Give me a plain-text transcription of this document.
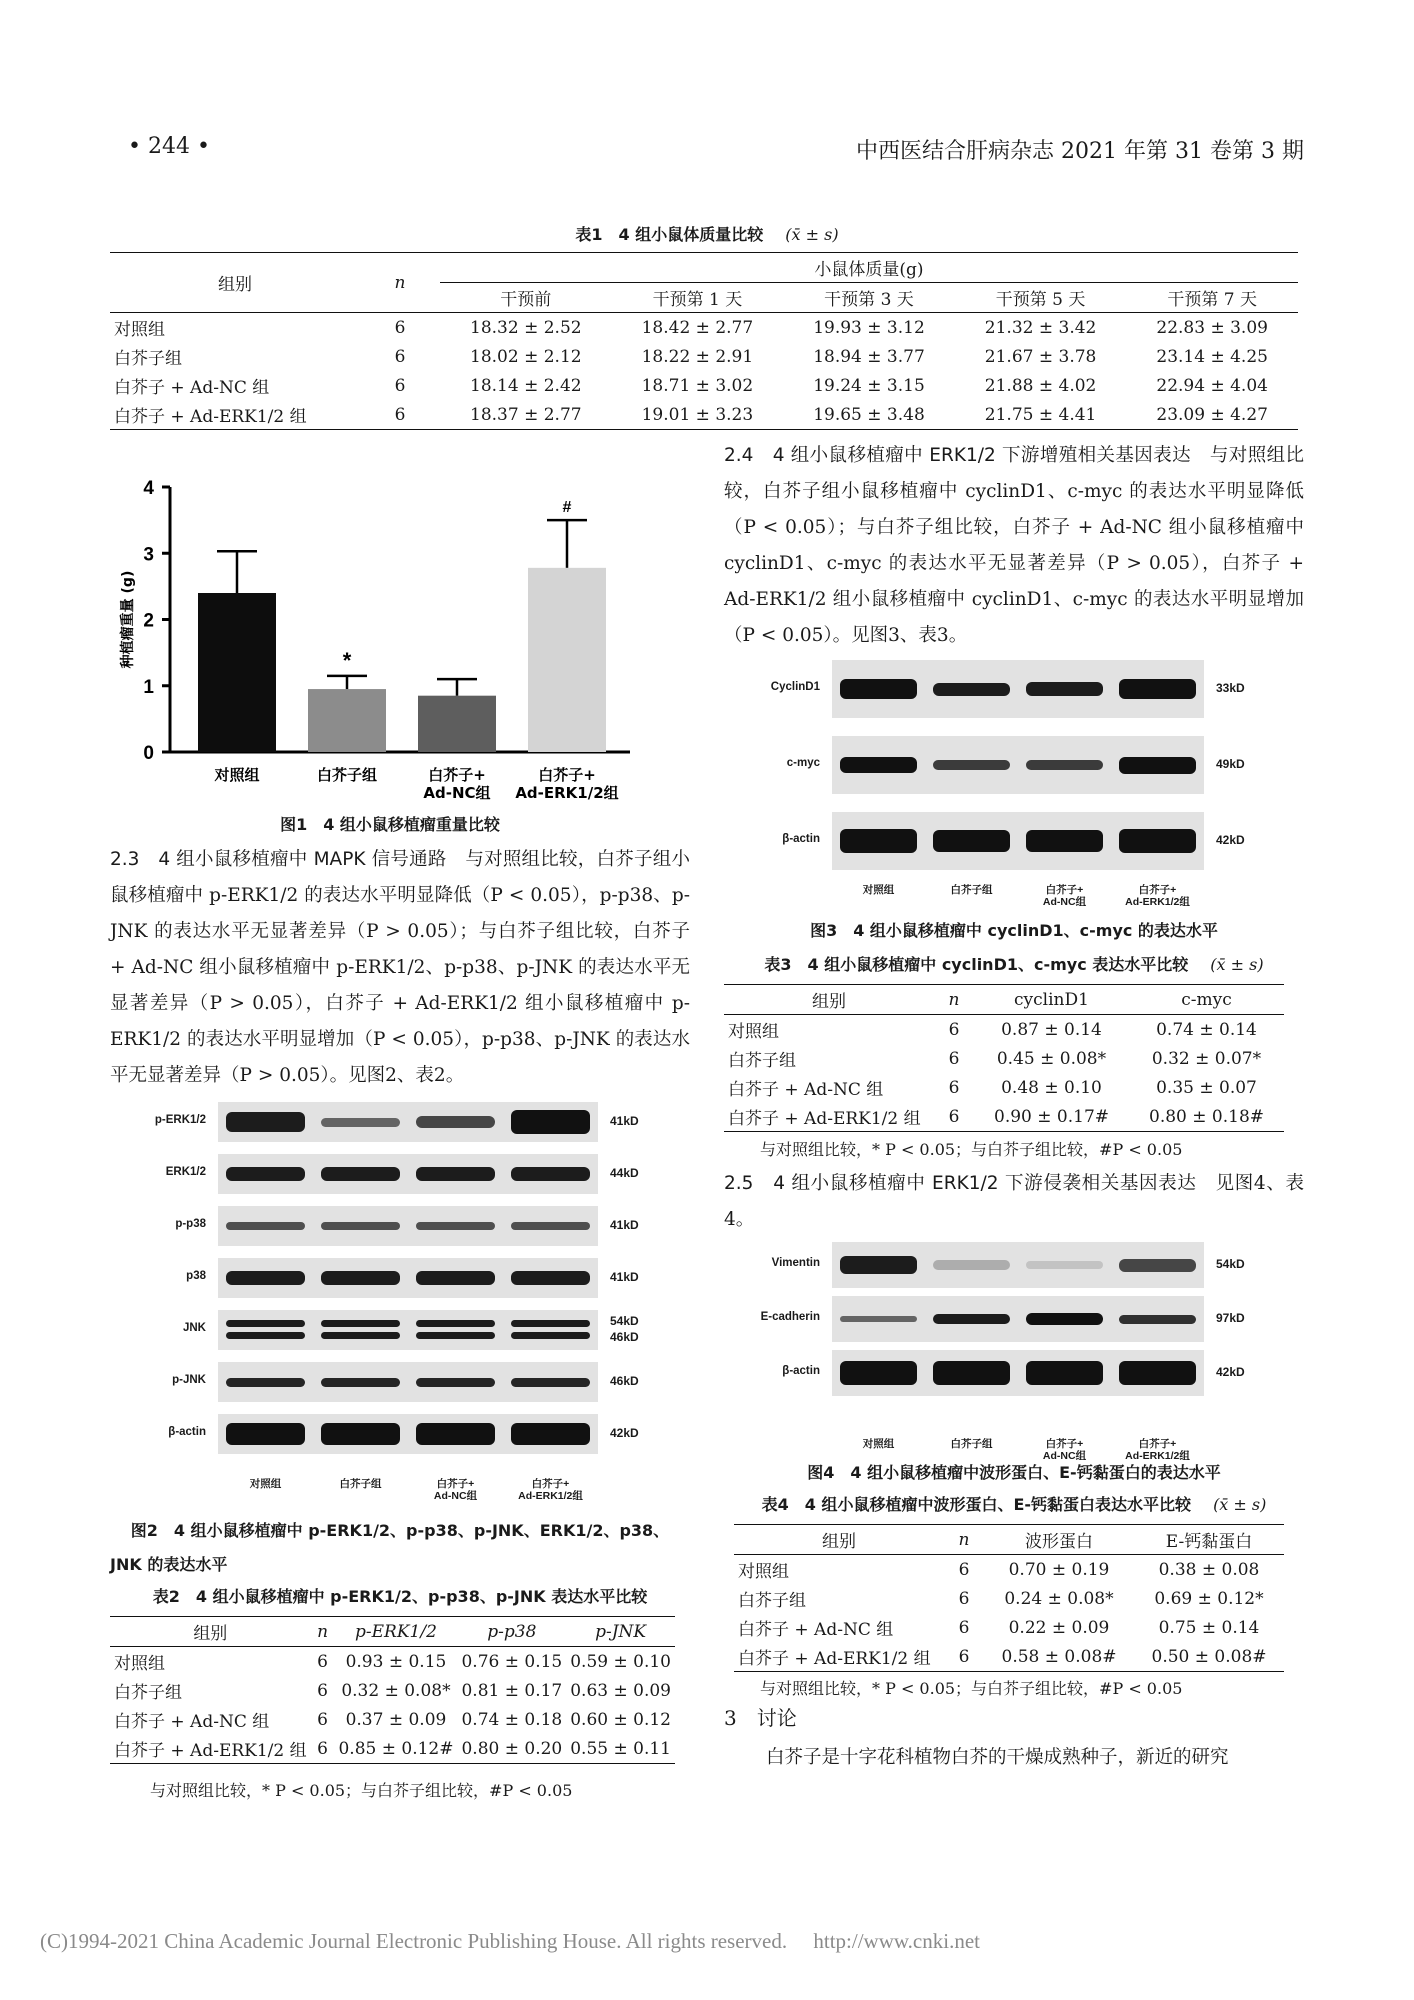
• 244 •	中西医结合肝病杂志 2021 年第 31 卷第 3 期
表1　4 组小鼠体质量比较 (x̄ ± s)
组别	n	小鼠体质量(g)				
		干预前	干预第 1 天	干预第 3 天	干预第 5 天	干预第 7 天
对照组	6	18.32 ± 2.52	18.42 ± 2.77	19.93 ± 3.12	21.32 ± 3.42	22.83 ± 3.09
白芥子组	6	18.02 ± 2.12	18.22 ± 2.91	18.94 ± 3.77	21.67 ± 3.78	23.14 ± 4.25
白芥子 + Ad-NC 组	6	18.14 ± 2.42	18.71 ± 3.02	19.24 ± 3.15	21.88 ± 4.02	22.94 ± 4.04
白芥子 + Ad-ERK1/2 组	6	18.37 ± 2.77	19.01 ± 3.23	19.65 ± 3.48	21.75 ± 4.41	23.09 ± 4.27
0
1
2
3
4
种植瘤重量 (g)
对照组
*
白芥子组	白芥子+
Ad-NC组
#
白芥子+
Ad-ERK1/2组
图1　4 组小鼠移植瘤重量比较
2.3　4 组小鼠移植瘤中 MAPK 信号通路　与对照组比较，白芥子组小鼠移植瘤中 p-ERK1/2 的表达水平明显降低（P < 0.05），p-p38、p-JNK 的表达水平无显著差异（P > 0.05）；与白芥子组比较，白芥子 + Ad-NC 组小鼠移植瘤中 p-ERK1/2、p-p38、p-JNK 的表达水平无显著差异（P > 0.05），白芥子 + Ad-ERK1/2 组小鼠移植瘤中 p-ERK1/2 的表达水平明显增加（P < 0.05），p-p38、p-JNK 的表达水平无显著差异（P > 0.05）。见图2、表2。
p-ERK1/2	41kD
ERK1/2	44kD
p-p38	41kD
p38	41kD
JNK	54kD
46kD
p-JNK	46kD
β-actin	42kD
对照组	白芥子组	白芥子+
Ad-NC组
白芥子+
Ad-ERK1/2组
图2　4 组小鼠移植瘤中 p-ERK1/2、p-p38、p-JNK、ERK1/2、p38、
JNK 的表达水平
表2　4 组小鼠移植瘤中 p-ERK1/2、p-p38、p-JNK 表达水平比较
组别	n	p-ERK1/2	p-p38	p-JNK
对照组	6	0.93 ± 0.15	0.76 ± 0.15	0.59 ± 0.10
白芥子组	6	0.32 ± 0.08*	0.81 ± 0.17	0.63 ± 0.09
白芥子 + Ad-NC 组	6	0.37 ± 0.09	0.74 ± 0.18	0.60 ± 0.12
白芥子 + Ad-ERK1/2 组	6	0.85 ± 0.12#	0.80 ± 0.20	0.55 ± 0.11
与对照组比较，* P < 0.05；与白芥子组比较，#P < 0.05
2.4　4 组小鼠移植瘤中 ERK1/2 下游增殖相关基因表达　与对照组比较，白芥子组小鼠移植瘤中 cyclinD1、c-myc 的表达水平明显降低（P < 0.05）；与白芥子组比较，白芥子 + Ad-NC 组小鼠移植瘤中 cyclinD1、c-myc 的表达水平无显著差异（P > 0.05），白芥子 + Ad-ERK1/2 组小鼠移植瘤中 cyclinD1、c-myc 的表达水平明显增加（P < 0.05）。见图3、表3。
CyclinD1	33kD
c-myc	49kD
β-actin	42kD
对照组	白芥子组	白芥子+
Ad-NC组
白芥子+
Ad-ERK1/2组
图3　4 组小鼠移植瘤中 cyclinD1、c-myc 的表达水平
表3　4 组小鼠移植瘤中 cyclinD1、c-myc 表达水平比较 (x̄ ± s)
组别	n	cyclinD1	c-myc
对照组	6	0.87 ± 0.14	0.74 ± 0.14
白芥子组	6	0.45 ± 0.08*	0.32 ± 0.07*
白芥子 + Ad-NC 组	6	0.48 ± 0.10	0.35 ± 0.07
白芥子 + Ad-ERK1/2 组	6	0.90 ± 0.17#	0.80 ± 0.18#
与对照组比较，* P < 0.05；与白芥子组比较，#P < 0.05
2.5　4 组小鼠移植瘤中 ERK1/2 下游侵袭相关基因表达　见图4、表4。
Vimentin	54kD
E-cadherin	97kD
β-actin	42kD
对照组	白芥子组	白芥子+
Ad-NC组
白芥子+
Ad-ERK1/2组
图4　4 组小鼠移植瘤中波形蛋白、E-钙黏蛋白的表达水平
表4　4 组小鼠移植瘤中波形蛋白、E-钙黏蛋白表达水平比较 (x̄ ± s)
组别	n	波形蛋白	E-钙黏蛋白
对照组	6	0.70 ± 0.19	0.38 ± 0.08
白芥子组	6	0.24 ± 0.08*	0.69 ± 0.12*
白芥子 + Ad-NC 组	6	0.22 ± 0.09	0.75 ± 0.14
白芥子 + Ad-ERK1/2 组	6	0.58 ± 0.08#	0.50 ± 0.08#
与对照组比较，* P < 0.05；与白芥子组比较，#P < 0.05
3　讨论
白芥子是十字花科植物白芥的干燥成熟种子，新近的研究
(C)1994-2021 China Academic Journal Electronic Publishing House. All rights reserved.　 http://www.cnki.net
